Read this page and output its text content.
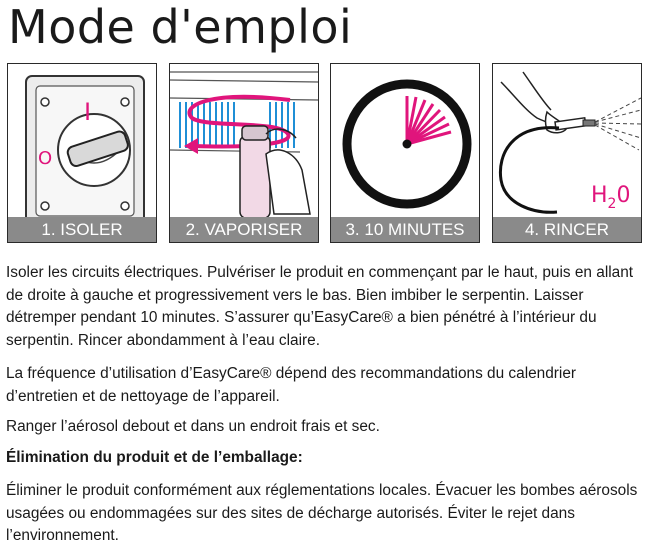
Mode d'emploi
I
O
1. ISOLER	2. VAPORISER	3. 10 MINUTES
$H_20$
4. RINCER

Isoler les circuits électriques. Pulvériser le produit en commençant par le haut, puis en allant de droite à gauche et progressivement vers le bas. Bien imbiber le serpentin. Laisser détremper pendant 10 minutes. S’assurer qu’EasyCare® a bien pénétré à l’intérieur du serpentin. Rincer abondamment à l’eau claire.

La fréquence d’utilisation d’EasyCare® dépend des recommandations du calendrier d’entretien et de nettoyage de l’appareil.

Ranger l’aérosol debout et dans un endroit frais et sec.

Élimination du produit et de l’emballage:

Éliminer le produit conformément aux réglementations locales. Évacuer les bombes aérosols usagées ou endommagées sur des sites de décharge autorisés. Éviter le rejet dans l’environnement.
